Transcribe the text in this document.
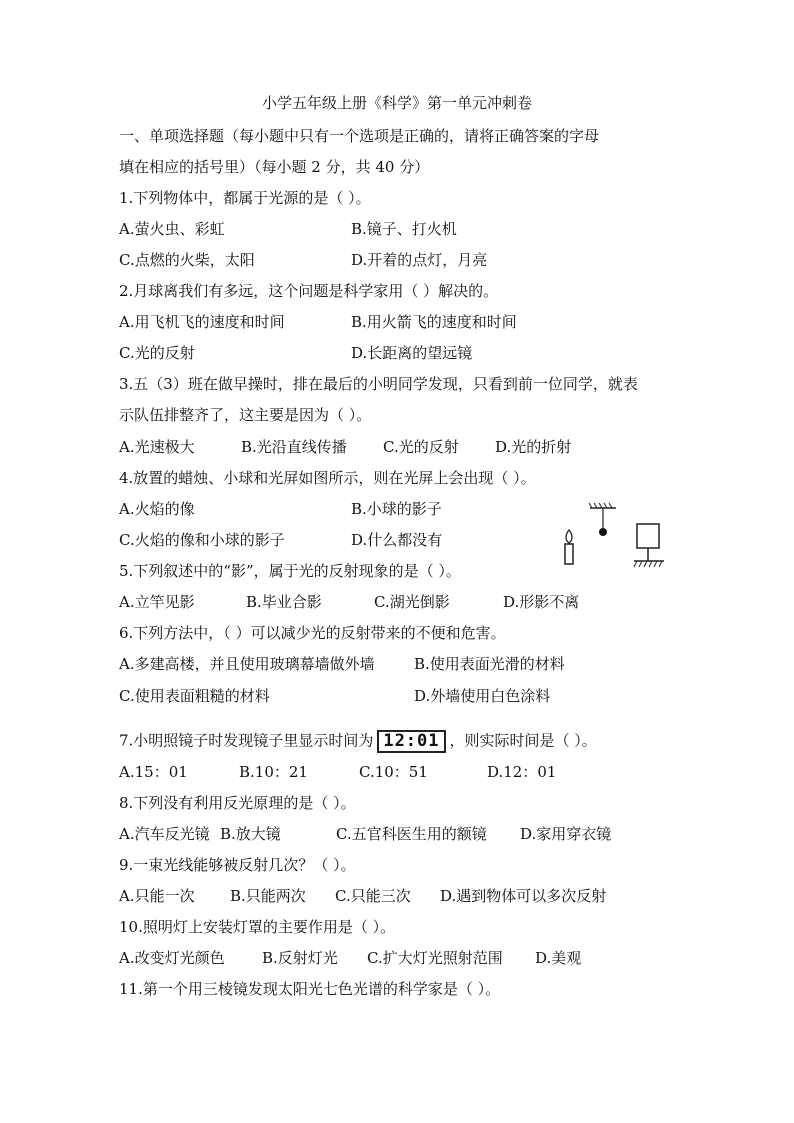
小学五年级上册《科学》第一单元冲刺卷
一、单项选择题（每小题中只有一个选项是正确的，请将正确答案的字母
填在相应的括号里）（每小题 2 分，共 40 分）
1.下列物体中，都属于光源的是（ ）。
A.萤火虫、彩虹	B.镜子、打火机
C.点燃的火柴，太阳	D.开着的点灯，月亮
2.月球离我们有多远，这个问题是科学家用（ ）解决的。
A.用飞机飞的速度和时间	B.用火箭飞的速度和时间
C.光的反射	D.长距离的望远镜
3.五（3）班在做早操时，排在最后的小明同学发现，只看到前一位同学，就表
示队伍排整齐了，这主要是因为（ ）。
A.光速极大	B.光沿直线传播 C.光的反射 D.光的折射
4.放置的蜡烛、小球和光屏如图所示，则在光屏上会出现（ ）。
A.火焰的像	B.小球的影子
C.火焰的像和小球的影子	D.什么都没有
5.下列叙述中的“影”，属于光的反射现象的是（ ）。
A.立竿见影	B.毕业合影	C.湖光倒影	D.形影不离
6.下列方法中，（ ）可以减少光的反射带来的不便和危害。
A.多建高楼，并且使用玻璃幕墙做外墙	B.使用表面光滑的材料
C.使用表面粗糙的材料	D.外墙使用白色涂料
7.小明照镜子时发现镜子里显示时间为 12:01 ，则实际时间是（ ）。
A.15：01	B.10：21	C.10：51	D.12：01
8.下列没有利用反光原理的是（ ）。
A.汽车反光镜 B.放大镜	C.五官科医生用的额镜 D.家用穿衣镜
9.一束光线能够被反射几次？（ ）。
A.只能一次 B.只能两次 C.只能三次 D.遇到物体可以多次反射
10.照明灯上安装灯罩的主要作用是（ ）。
A.改变灯光颜色 B.反射灯光 C.扩大灯光照射范围 D.美观
11.第一个用三棱镜发现太阳光七色光谱的科学家是（ ）。
